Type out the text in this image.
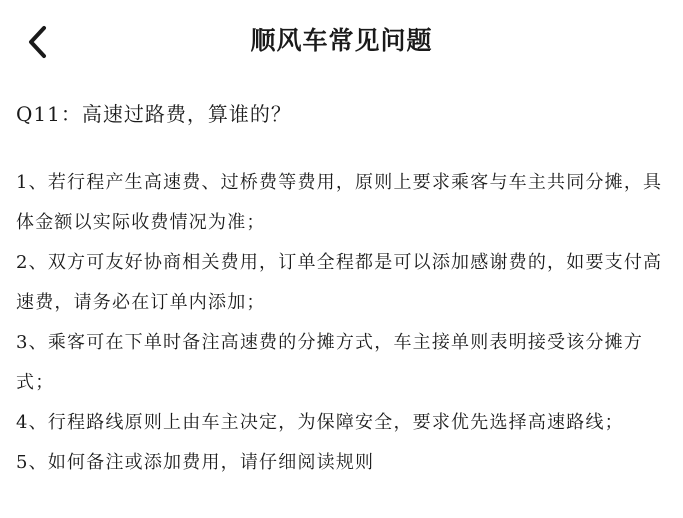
顺风车常见问题
Q11：高速过路费，算谁的？

1、若行程产生高速费、过桥费等费用，原则上要求乘客与车主共同分摊，具体金额以实际收费情况为准；

2、双方可友好协商相关费用，订单全程都是可以添加感谢费的，如要支付高速费，请务必在订单内添加；

3、乘客可在下单时备注高速费的分摊方式，车主接单则表明接受该分摊方式；

4、行程路线原则上由车主决定，为保障安全，要求优先选择高速路线；

5、如何备注或添加费用，请仔细阅读规则
